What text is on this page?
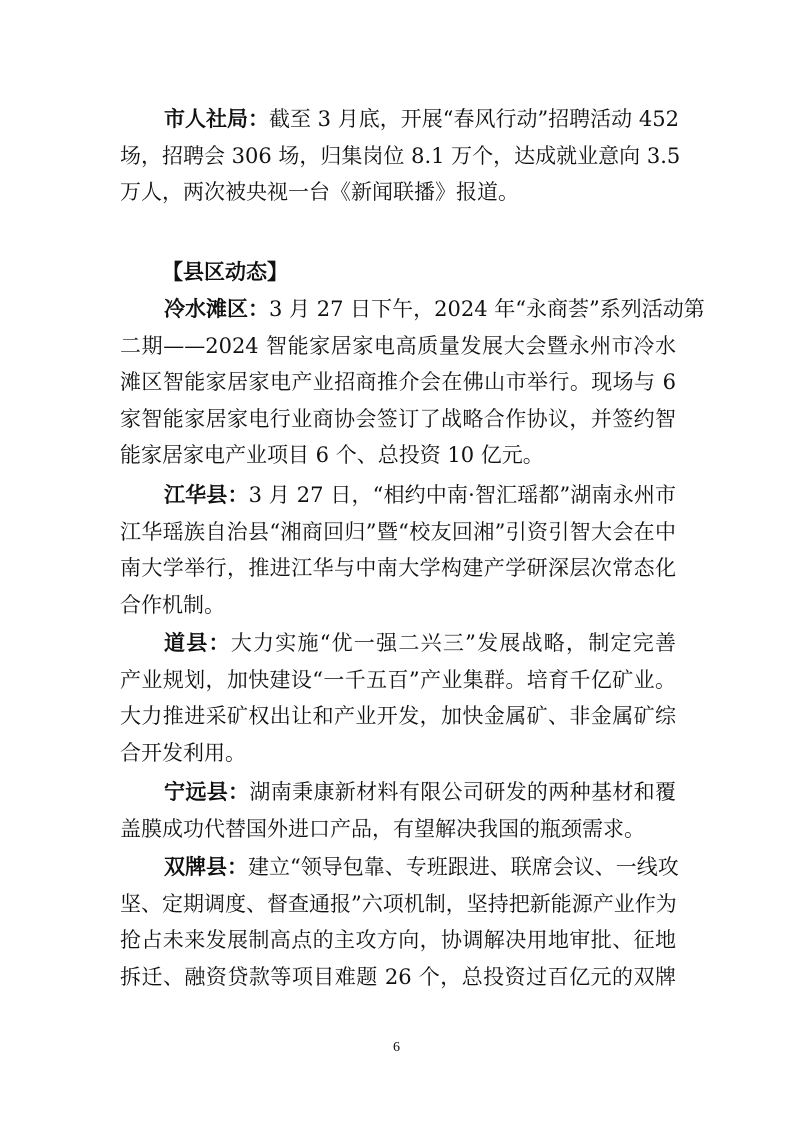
市人社局：截至 3 月底，开展“春风行动”招聘活动 452
场，招聘会 306 场，归集岗位 8.1 万个，达成就业意向 3.5
万人，两次被央视一台《新闻联播》报道。
【县区动态】
冷水滩区：3 月 27 日下午，2024 年“永商荟”系列活动第
二期——2024 智能家居家电高质量发展大会暨永州市冷水
滩区智能家居家电产业招商推介会在佛山市举行。现场与 6
家智能家居家电行业商协会签订了战略合作协议，并签约智
能家居家电产业项目 6 个、总投资 10 亿元。
江华县：3 月 27 日，“相约中南·智汇瑶都”湖南永州市
江华瑶族自治县“湘商回归”暨“校友回湘”引资引智大会在中
南大学举行，推进江华与中南大学构建产学研深层次常态化
合作机制。
道县：大力实施“优一强二兴三”发展战略，制定完善
产业规划，加快建设“一千五百”产业集群。培育千亿矿业。
大力推进采矿权出让和产业开发，加快金属矿、非金属矿综
合开发利用。
宁远县：湖南秉康新材料有限公司研发的两种基材和覆
盖膜成功代替国外进口产品，有望解决我国的瓶颈需求。
双牌县：建立“领导包靠、专班跟进、联席会议、一线攻
坚、定期调度、督查通报”六项机制，坚持把新能源产业作为
抢占未来发展制高点的主攻方向，协调解决用地审批、征地
拆迁、融资贷款等项目难题 26 个，总投资过百亿元的双牌
6
